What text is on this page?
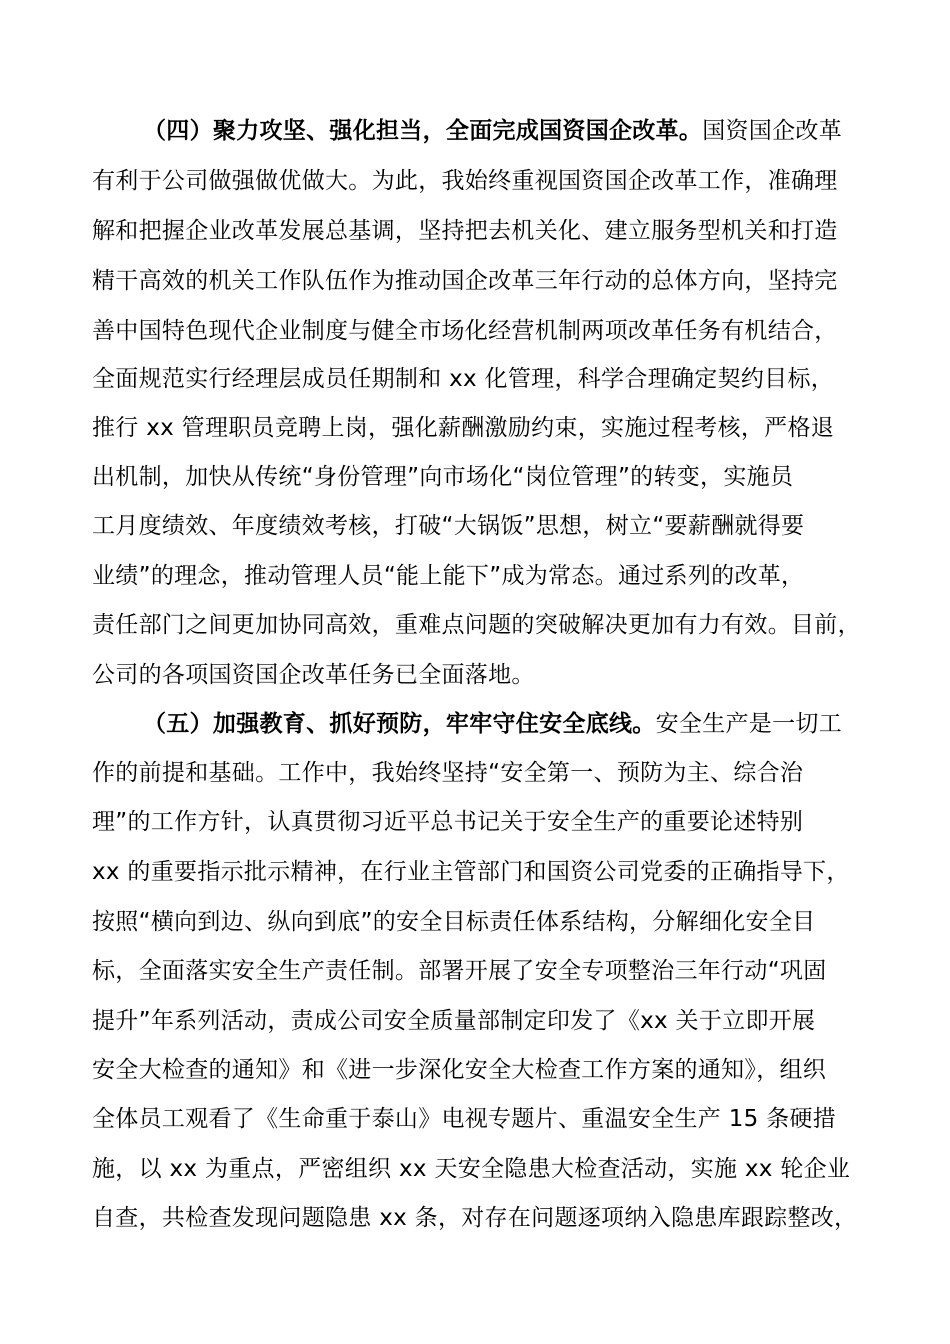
（四）聚力攻坚、强化担当，全面完成国资国企改革。国资国企改革
有利于公司做强做优做大。为此，我始终重视国资国企改革工作，准确理
解和把握企业改革发展总基调，坚持把去机关化、建立服务型机关和打造
精干高效的机关工作队伍作为推动国企改革三年行动的总体方向，坚持完
善中国特色现代企业制度与健全市场化经营机制两项改革任务有机结合，
全面规范实行经理层成员任期制和 xx 化管理，科学合理确定契约目标，
推行 xx 管理职员竞聘上岗，强化薪酬激励约束，实施过程考核，严格退
出机制，加快从传统“身份管理”向市场化“岗位管理”的转变，实施员
工月度绩效、年度绩效考核，打破“大锅饭”思想，树立“要薪酬就得要
业绩”的理念，推动管理人员“能上能下”成为常态。通过系列的改革，
责任部门之间更加协同高效，重难点问题的突破解决更加有力有效。目前，
公司的各项国资国企改革任务已全面落地。
（五）加强教育、抓好预防，牢牢守住安全底线。安全生产是一切工
作的前提和基础。工作中，我始终坚持“安全第一、预防为主、综合治
理”的工作方针，认真贯彻习近平总书记关于安全生产的重要论述特别
xx 的重要指示批示精神，在行业主管部门和国资公司党委的正确指导下，
按照“横向到边、纵向到底”的安全目标责任体系结构，分解细化安全目
标，全面落实安全生产责任制。部署开展了安全专项整治三年行动“巩固
提升”年系列活动，责成公司安全质量部制定印发了《xx 关于立即开展
安全大检查的通知》和《进一步深化安全大检查工作方案的通知》，组织
全体员工观看了《生命重于泰山》电视专题片、重温安全生产 15 条硬措
施，以 xx 为重点，严密组织 xx 天安全隐患大检查活动，实施 xx 轮企业
自查，共检查发现问题隐患 xx 条，对存在问题逐项纳入隐患库跟踪整改，
